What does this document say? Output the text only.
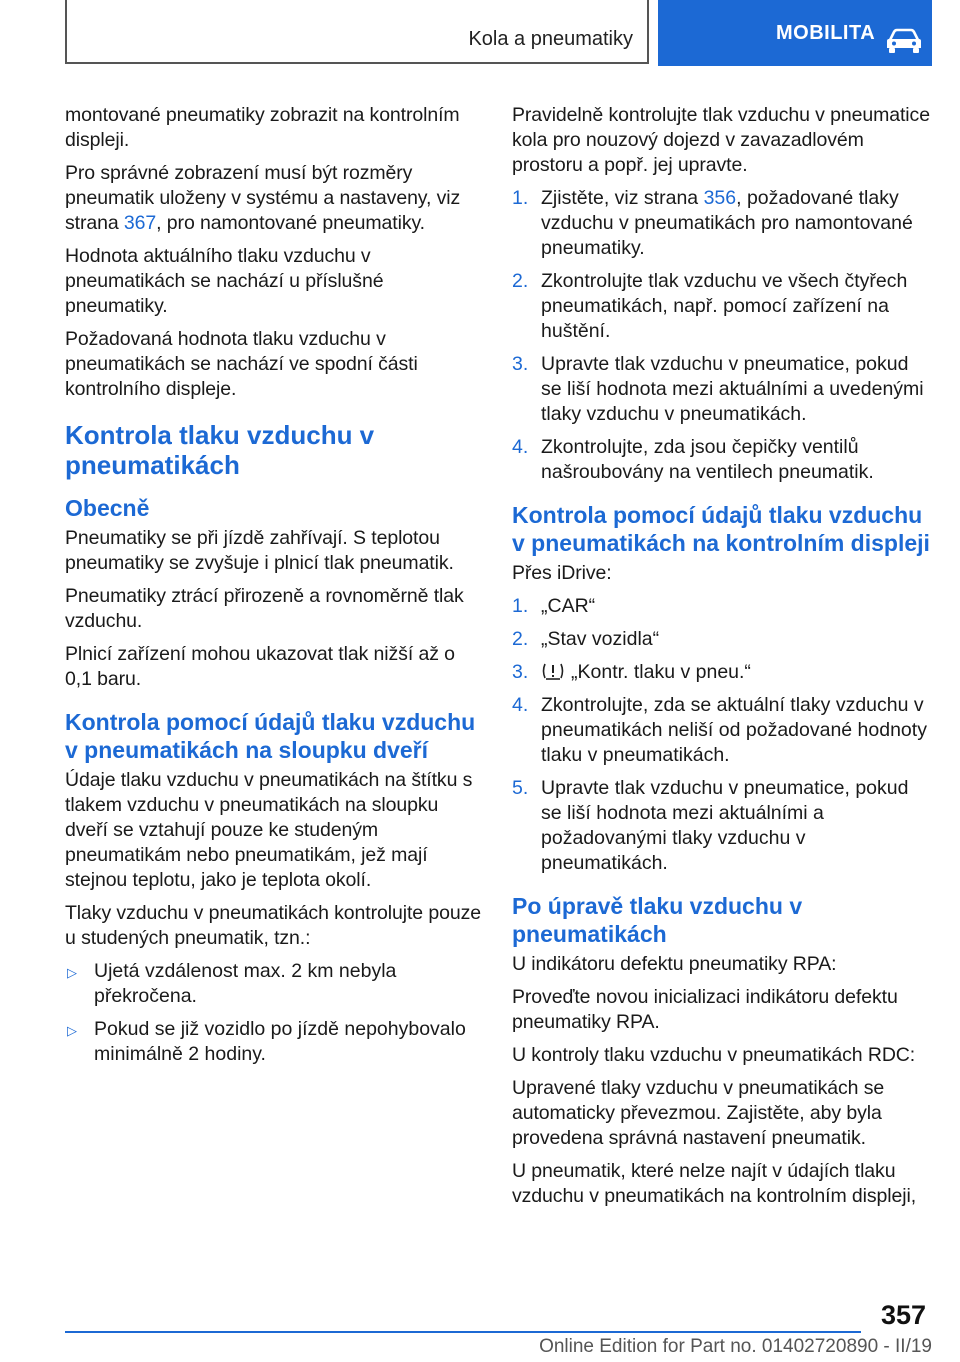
Kola a pneumatiky	MOBILITA

montované pneumatiky zobrazit na kontrolním displeji.

Pro správné zobrazení musí být rozměry pneumatik uloženy v systému a nastaveny, viz strana 367, pro namontované pneumatiky.

Hodnota aktuálního tlaku vzduchu v pneumatikách se nachází u příslušné pneumatiky.

Požadovaná hodnota tlaku vzduchu v pneumatikách se nachází ve spodní části kontrolního displeje.

Kontrola tlaku vzduchu v pneumatikách
Obecně

Pneumatiky se při jízdě zahřívají. S teplotou pneumatiky se zvyšuje i plnicí tlak pneumatik.

Pneumatiky ztrácí přirozeně a rovnoměrně tlak vzduchu.

Plnicí zařízení mohou ukazovat tlak nižší až o 0,1 baru.

Kontrola pomocí údajů tlaku vzduchu v pneumatikách na sloupku dveří

Údaje tlaku vzduchu v pneumatikách na štítku s tlakem vzduchu v pneumatikách na sloupku dveří se vztahují pouze ke studeným pneumatikám nebo pneumatikám, jež mají stejnou teplotu, jako je teplota okolí.

Tlaky vzduchu v pneumatikách kontrolujte pouze u studených pneumatik, tzn.:

▷ Ujetá vzdálenost max. 2 km nebyla překročena.
▷ Pokud se již vozidlo po jízdě nepohybovalo minimálně 2 hodiny.

Pravidelně kontrolujte tlak vzduchu v pneumatice kola pro nouzový dojezd v zavazadlovém prostoru a popř. jej upravte.

1. Zjistěte, viz strana 356, požadované tlaky vzduchu v pneumatikách pro namontované pneumatiky.
2. Zkontrolujte tlak vzduchu ve všech čtyřech pneumatikách, např. pomocí zařízení na huštění.
3. Upravte tlak vzduchu v pneumatice, pokud se liší hodnota mezi aktuálními a uvedenými tlaky vzduchu v pneumatikách.
4. Zkontrolujte, zda jsou čepičky ventilů našroubovány na ventilech pneumatik.
Kontrola pomocí údajů tlaku vzduchu v pneumatikách na kontrolním displeji

Přes iDrive:

1. „CAR“
2. „Stav vozidla“
3. „Kontr. tlaku v pneu.“
4. Zkontrolujte, zda se aktuální tlaky vzduchu v pneumatikách neliší od požadované hodnoty tlaku v pneumatikách.
5. Upravte tlak vzduchu v pneumatice, pokud se liší hodnota mezi aktuálními a požadovanými tlaky vzduchu v pneumatikách.
Po úpravě tlaku vzduchu v pneumatikách

U indikátoru defektu pneumatiky RPA:

Proveďte novou inicializaci indikátoru defektu pneumatiky RPA.

U kontroly tlaku vzduchu v pneumatikách RDC:

Upravené tlaky vzduchu v pneumatikách se automaticky převezmou. Zajistěte, aby byla provedena správná nastavení pneumatik.

U pneumatik, které nelze najít v údajích tlaku vzduchu v pneumatikách na kontrolním displeji,

357
Online Edition for Part no. 01402720890 - II/19
